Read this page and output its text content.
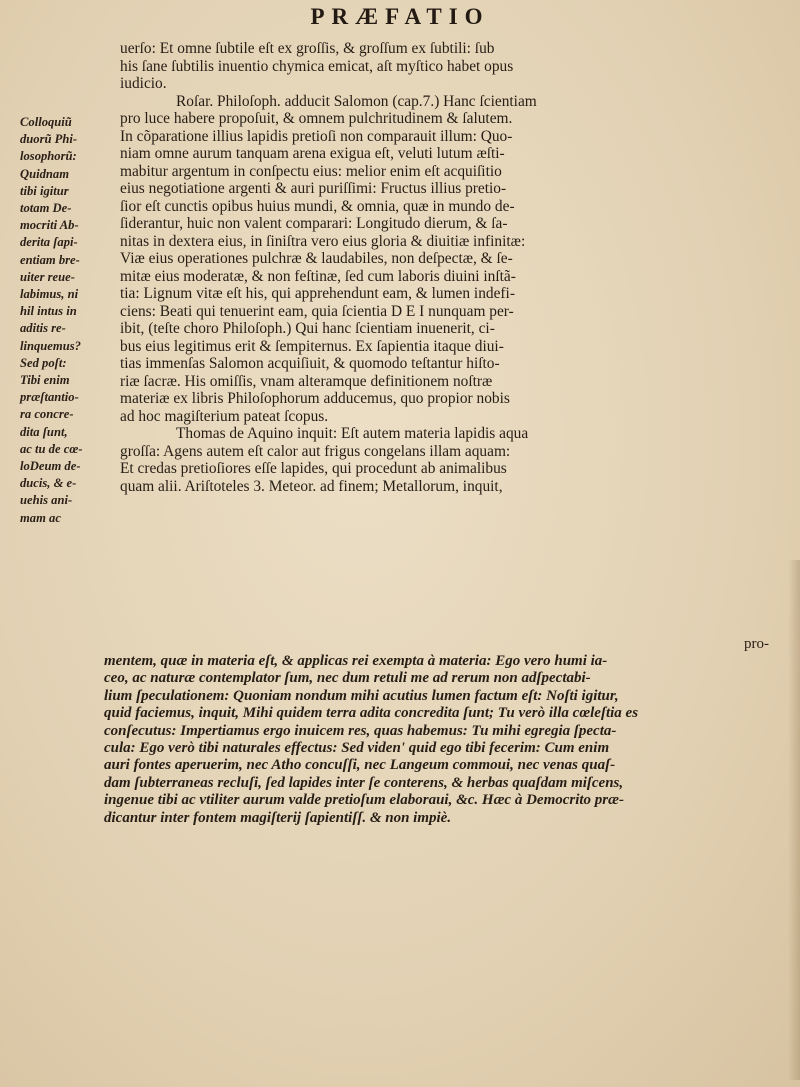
PRÆFATIO
Colloquiũ
duorũ Phi-
losophorũ:
Quidnam
tibi igitur
totam De-
mocriti Ab-
derita ſapi-
entiam bre-
uiter reue-
labimus, ni
hil intus in
aditis re-
linquemus?
Sed poſt:
Tibi enim
præſtantio-
ra concre-
dita ſunt,
ac tu de cœ-
loDeum de-
ducis, & e-
uehis ani-
mam ac
uerſo: Et omne ſubtile eſt ex groſſis, & groſſum ex ſubtili: ſub
his ſane ſubtilis inuentio chymica emicat, aſt myſtico habet opus
iudicio.
Roſar. Philoſoph. adducit Salomon (cap.7.) Hanc ſcientiam
pro luce habere propoſuit, & omnem pulchritudinem & ſalutem.
In cõparatione illius lapidis pretioſi non comparauit illum: Quo-
niam omne aurum tanquam arena exigua eſt, veluti lutum æſti-
mabitur argentum in conſpectu eius: melior enim eſt acquiſitio
eius negotiatione argenti & auri puriſſimi: Fructus illius pretio-
ſior eſt cunctis opibus huius mundi, & omnia, quæ in mundo de-
ſiderantur, huic non valent comparari: Longitudo dierum, & ſa-
nitas in dextera eius, in ſiniſtra vero eius gloria & diuitiæ infinitæ:
Viæ eius operationes pulchræ & laudabiles, non deſpectæ, & ſe-
mitæ eius moderatæ, & non feſtinæ, ſed cum laboris diuini inſtã-
tia: Lignum vitæ eſt his, qui apprehendunt eam, & lumen indefi-
ciens: Beati qui tenuerint eam, quia ſcientia D E I nunquam per-
ibit, (teſte choro Philoſoph.) Qui hanc ſcientiam inuenerit, ci-
bus eius legitimus erit & ſempiternus. Ex ſapientia itaque diui-
tias immenſas Salomon acquiſiuit, & quomodo teſtantur hiſto-
riæ ſacræ. His omiſſis, vnam alteramque definitionem noſtræ
materiæ ex libris Philoſophorum adducemus, quo propior nobis
ad hoc magiſterium pateat ſcopus.
Thomas de Aquino inquit: Eſt autem materia lapidis aqua
groſſa: Agens autem eſt calor aut frigus congelans illam aquam:
Et credas pretioſiores eſſe lapides, qui procedunt ab animalibus
quam alii. Ariſtoteles 3. Meteor. ad finem; Metallorum, inquit,
pro-
mentem, quæ in materia eſt, & applicas rei exempta à materia: Ego vero humi ia-
ceo, ac naturæ contemplator ſum, nec dum retuli me ad rerum non adſpectabi-
lium ſpeculationem: Quoniam nondum mihi acutius lumen factum eſt: Noſti igitur,
quid faciemus, inquit, Mihi quidem terra adita concredita ſunt; Tu verò illa cœleſtia es
conſecutus: Impertiamus ergo inuicem res, quas habemus: Tu mihi egregia ſpecta-
cula: Ego verò tibi naturales effectus: Sed viden' quid ego tibi fecerim: Cum enim
auri fontes aperuerim, nec Atho concuſſi, nec Langeum commoui, nec venas quaſ-
dam ſubterraneas recluſi, ſed lapides inter ſe conterens, & herbas quaſdam miſcens,
ingenue tibi ac vtiliter aurum valde pretioſum elaboraui, &c. Hæc à Democrito præ-
dicantur inter fontem magiſterij ſapientiſſ. & non impiè.
